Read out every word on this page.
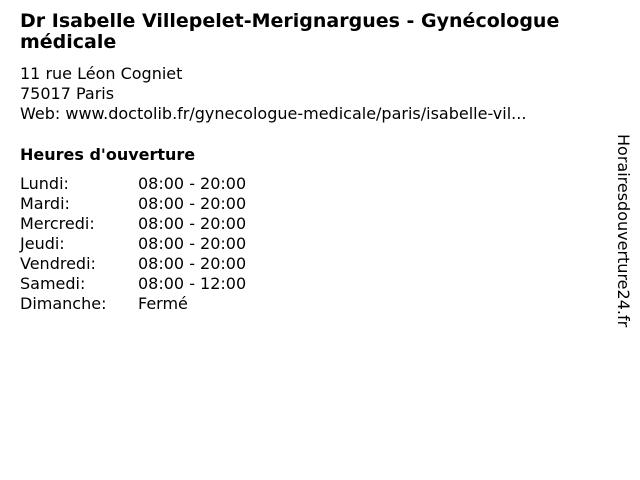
Dr Isabelle Villepelet-Merignargues - Gynécologue médicale
11 rue Léon Cogniet
75017 Paris
Web: www.doctolib.fr/gynecologue-medicale/paris/isabelle-vil...
Heures d'ouverture
Lundi:	08:00 - 20:00
Mardi:	08:00 - 20:00
Mercredi:	08:00 - 20:00
Jeudi:	08:00 - 20:00
Vendredi:	08:00 - 20:00
Samedi:	08:00 - 12:00
Dimanche:	Fermé	Horairesdouverture24.fr
